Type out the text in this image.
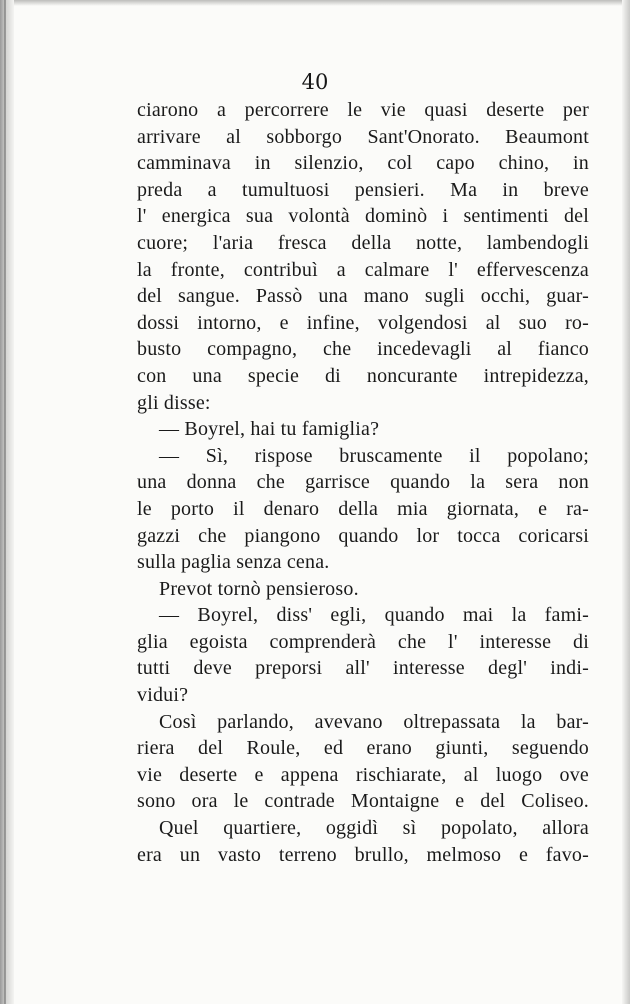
40
ciarono a percorrere le vie quasi deserte per
arrivare al sobborgo Sant'Onorato. Beaumont
camminava in silenzio, col capo chino, in
preda a tumultuosi pensieri. Ma in breve
l' energica sua volontà dominò i sentimenti del
cuore; l'aria fresca della notte, lambendogli
la fronte, contribuì a calmare l' effervescenza
del sangue. Passò una mano sugli occhi, guar-
dossi intorno, e infine, volgendosi al suo ro-
busto compagno, che incedevagli al fianco
con una specie di noncurante intrepidezza,
gli disse:
— Boyrel, hai tu famiglia?
— Sì, rispose bruscamente il popolano;
una donna che garrisce quando la sera non
le porto il denaro della mia giornata, e ra-
gazzi che piangono quando lor tocca coricarsi
sulla paglia senza cena.
Prevot tornò pensieroso.
— Boyrel, diss' egli, quando mai la fami-
glia egoista comprenderà che l' interesse di
tutti deve preporsi all' interesse degl' indi-
vidui?
Così parlando, avevano oltrepassata la bar-
riera del Roule, ed erano giunti, seguendo
vie deserte e appena rischiarate, al luogo ove
sono ora le contrade Montaigne e del Coliseo.
Quel quartiere, oggidì sì popolato, allora
era un vasto terreno brullo, melmoso e favo-
